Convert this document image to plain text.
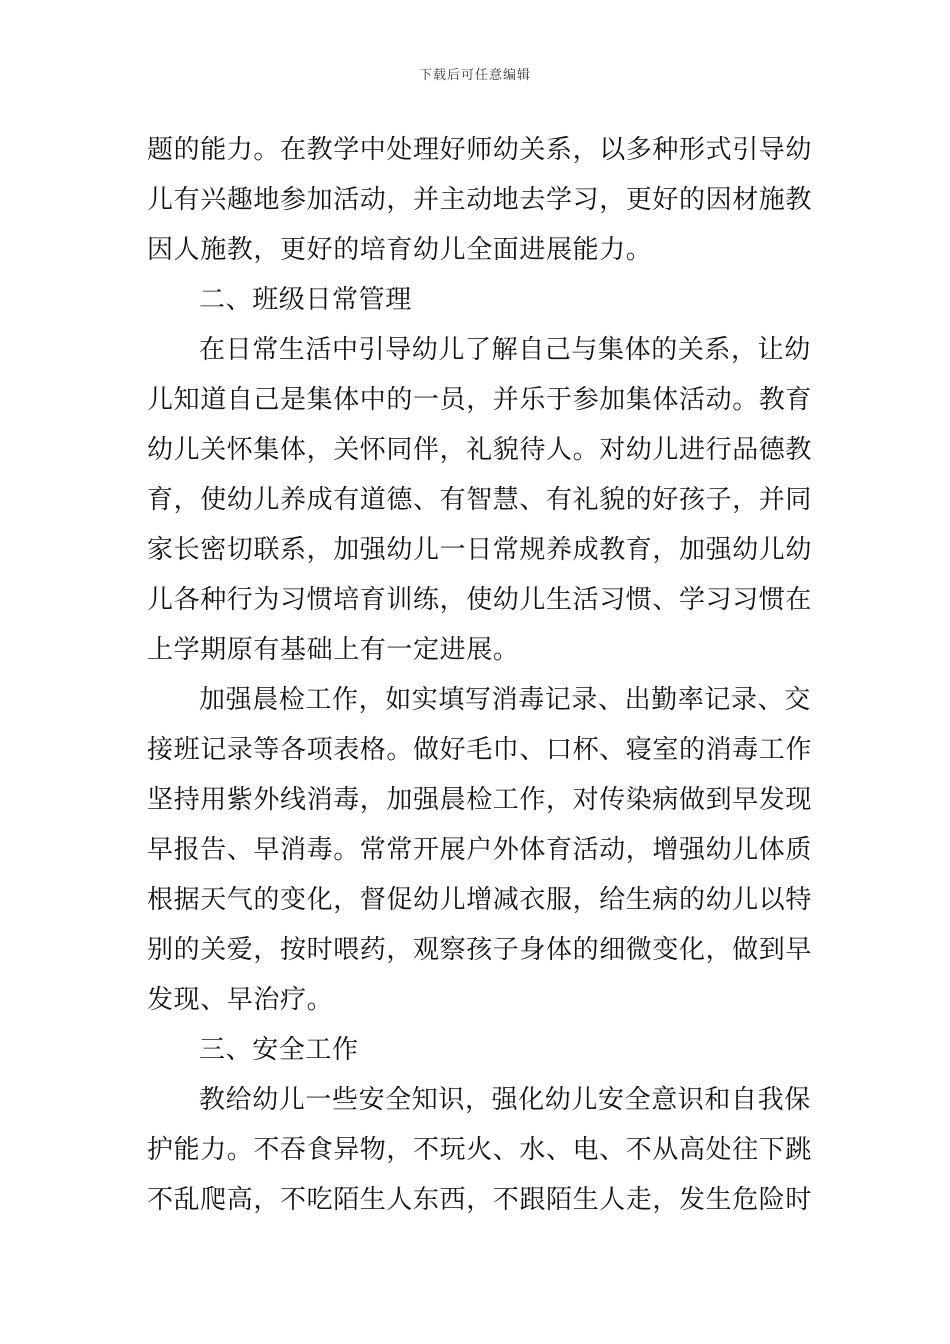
下载后可任意编辑
题的能力。在教学中处理好师幼关系，以多种形式引导幼
儿有兴趣地参加活动，并主动地去学习，更好的因材施教
因人施教，更好的培育幼儿全面进展能力。
二、班级日常管理
在日常生活中引导幼儿了解自己与集体的关系，让幼
儿知道自己是集体中的一员，并乐于参加集体活动。教育
幼儿关怀集体，关怀同伴，礼貌待人。对幼儿进行品德教
育，使幼儿养成有道德、有智慧、有礼貌的好孩子，并同
家长密切联系，加强幼儿一日常规养成教育，加强幼儿幼
儿各种行为习惯培育训练，使幼儿生活习惯、学习习惯在
上学期原有基础上有一定进展。
加强晨检工作，如实填写消毒记录、出勤率记录、交
接班记录等各项表格。做好毛巾、口杯、寝室的消毒工作
坚持用紫外线消毒，加强晨检工作，对传染病做到早发现
早报告、早消毒。常常开展户外体育活动，增强幼儿体质
根据天气的变化，督促幼儿增减衣服，给生病的幼儿以特
别的关爱，按时喂药，观察孩子身体的细微变化，做到早
发现、早治疗。
三、安全工作
教给幼儿一些安全知识，强化幼儿安全意识和自我保
护能力。不吞食异物，不玩火、水、电、不从高处往下跳
不乱爬高，不吃陌生人东西，不跟陌生人走，发生危险时
